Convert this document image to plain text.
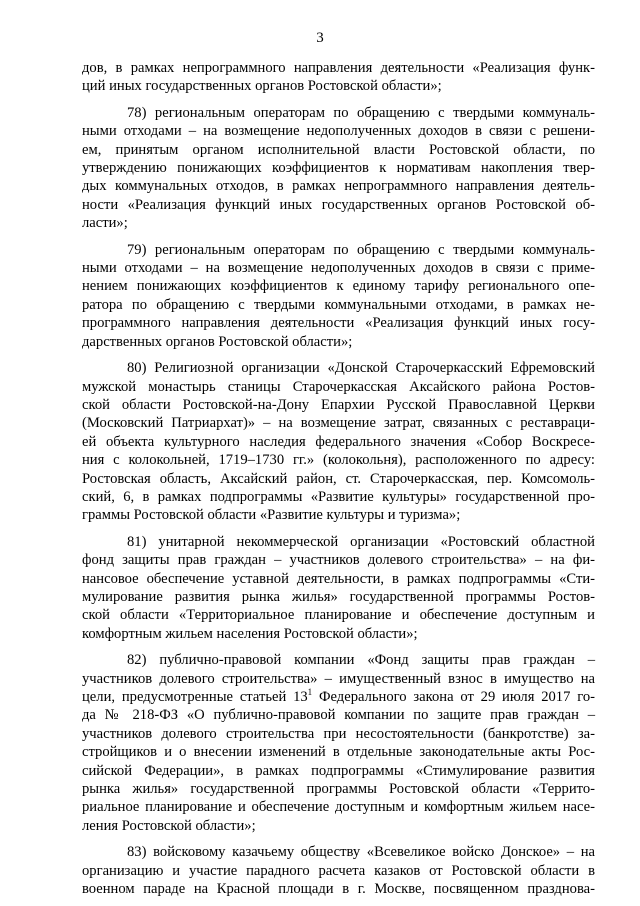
3
дов, в рамках непрограммного направления деятельности «Реализация функ-
ций иных государственных органов Ростовской области»;
78) региональным операторам по обращению с твердыми коммуналь-
ными отходами – на возмещение недополученных доходов в связи с решени-
ем, принятым органом исполнительной власти Ростовской области, по
утверждению понижающих коэффициентов к нормативам накопления твер-
дых коммунальных отходов, в рамках непрограммного направления деятель-
ности «Реализация функций иных государственных органов Ростовской об-
ласти»;
79) региональным операторам по обращению с твердыми коммуналь-
ными отходами – на возмещение недополученных доходов в связи с приме-
нением понижающих коэффициентов к единому тарифу регионального опе-
ратора по обращению с твердыми коммунальными отходами, в рамках не-
программного направления деятельности «Реализация функций иных госу-
дарственных органов Ростовской области»;
80) Религиозной организации «Донской Старочеркасский Ефремовский
мужской монастырь станицы Старочеркасская Аксайского района Ростов-
ской области Ростовской-на-Дону Епархии Русской Православной Церкви
(Московский Патриархат)» – на возмещение затрат, связанных с реставраци-
ей объекта культурного наследия федерального значения «Собор Воскресе-
ния с колокольней, 1719–1730 гг.» (колокольня), расположенного по адресу:
Ростовская область, Аксайский район, ст. Старочеркасская, пер. Комсомоль-
ский, 6, в рамках подпрограммы «Развитие культуры» государственной про-
граммы Ростовской области «Развитие культуры и туризма»;
81) унитарной некоммерческой организации «Ростовский областной
фонд защиты прав граждан – участников долевого строительства» – на фи-
нансовое обеспечение уставной деятельности, в рамках подпрограммы «Сти-
мулирование развития рынка жилья» государственной программы Ростов-
ской области «Территориальное планирование и обеспечение доступным и
комфортным жильем населения Ростовской области»;
82) публично-правовой компании «Фонд защиты прав граждан –
участников долевого строительства» – имущественный взнос в имущество на
цели, предусмотренные статьей $13^1$ Федерального закона от 29 июля 2017 го-
да № 218-ФЗ «О публично-правовой компании по защите прав граждан –
участников долевого строительства при несостоятельности (банкротстве) за-
стройщиков и о внесении изменений в отдельные законодательные акты Рос-
сийской Федерации», в рамках подпрограммы «Стимулирование развития
рынка жилья» государственной программы Ростовской области «Террито-
риальное планирование и обеспечение доступным и комфортным жильем насе-
ления Ростовской области»;
83) войсковому казачьему обществу «Всевеликое войско Донское» – на
организацию и участие парадного расчета казаков от Ростовской области в
военном параде на Красной площади в г. Москве, посвященном празднова-
